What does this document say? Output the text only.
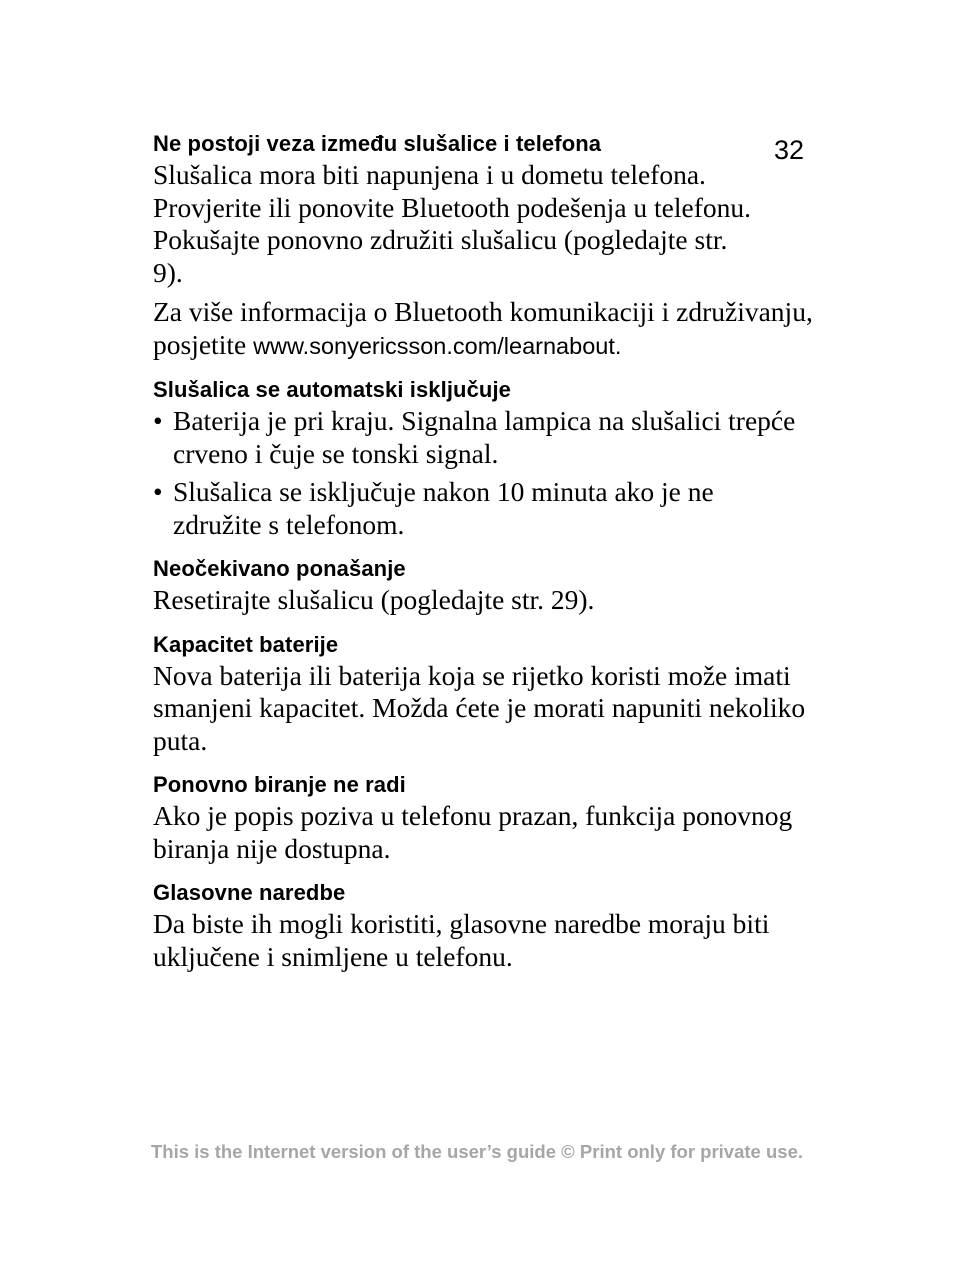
32
Ne postoji veza između slušalice i telefona

Slušalica mora biti napunjena i u dometu telefona. Provjerite ili ponovite Bluetooth podešenja u telefonu. Pokušajte ponovno združiti slušalicu (pogledajte str. 9).

Za više informacija o Bluetooth komunikaciji i združivanju, posjetite www.sonyericsson.com/learnabout.

Slušalica se automatski isključuje
• Baterija je pri kraju. Signalna lampica na slušalici trepće crveno i čuje se tonski signal.
• Slušalica se isključuje nakon 10 minuta ako je ne združite s telefonom.
Neočekivano ponašanje

Resetirajte slušalicu (pogledajte str. 29).

Kapacitet baterije

Nova baterija ili baterija koja se rijetko koristi može imati smanjeni kapacitet. Možda ćete je morati napuniti nekoliko puta.

Ponovno biranje ne radi

Ako je popis poziva u telefonu prazan, funkcija ponovnog biranja nije dostupna.

Glasovne naredbe

Da biste ih mogli koristiti, glasovne naredbe moraju biti uključene i snimljene u telefonu.

This is the Internet version of the user’s guide © Print only for private use.
